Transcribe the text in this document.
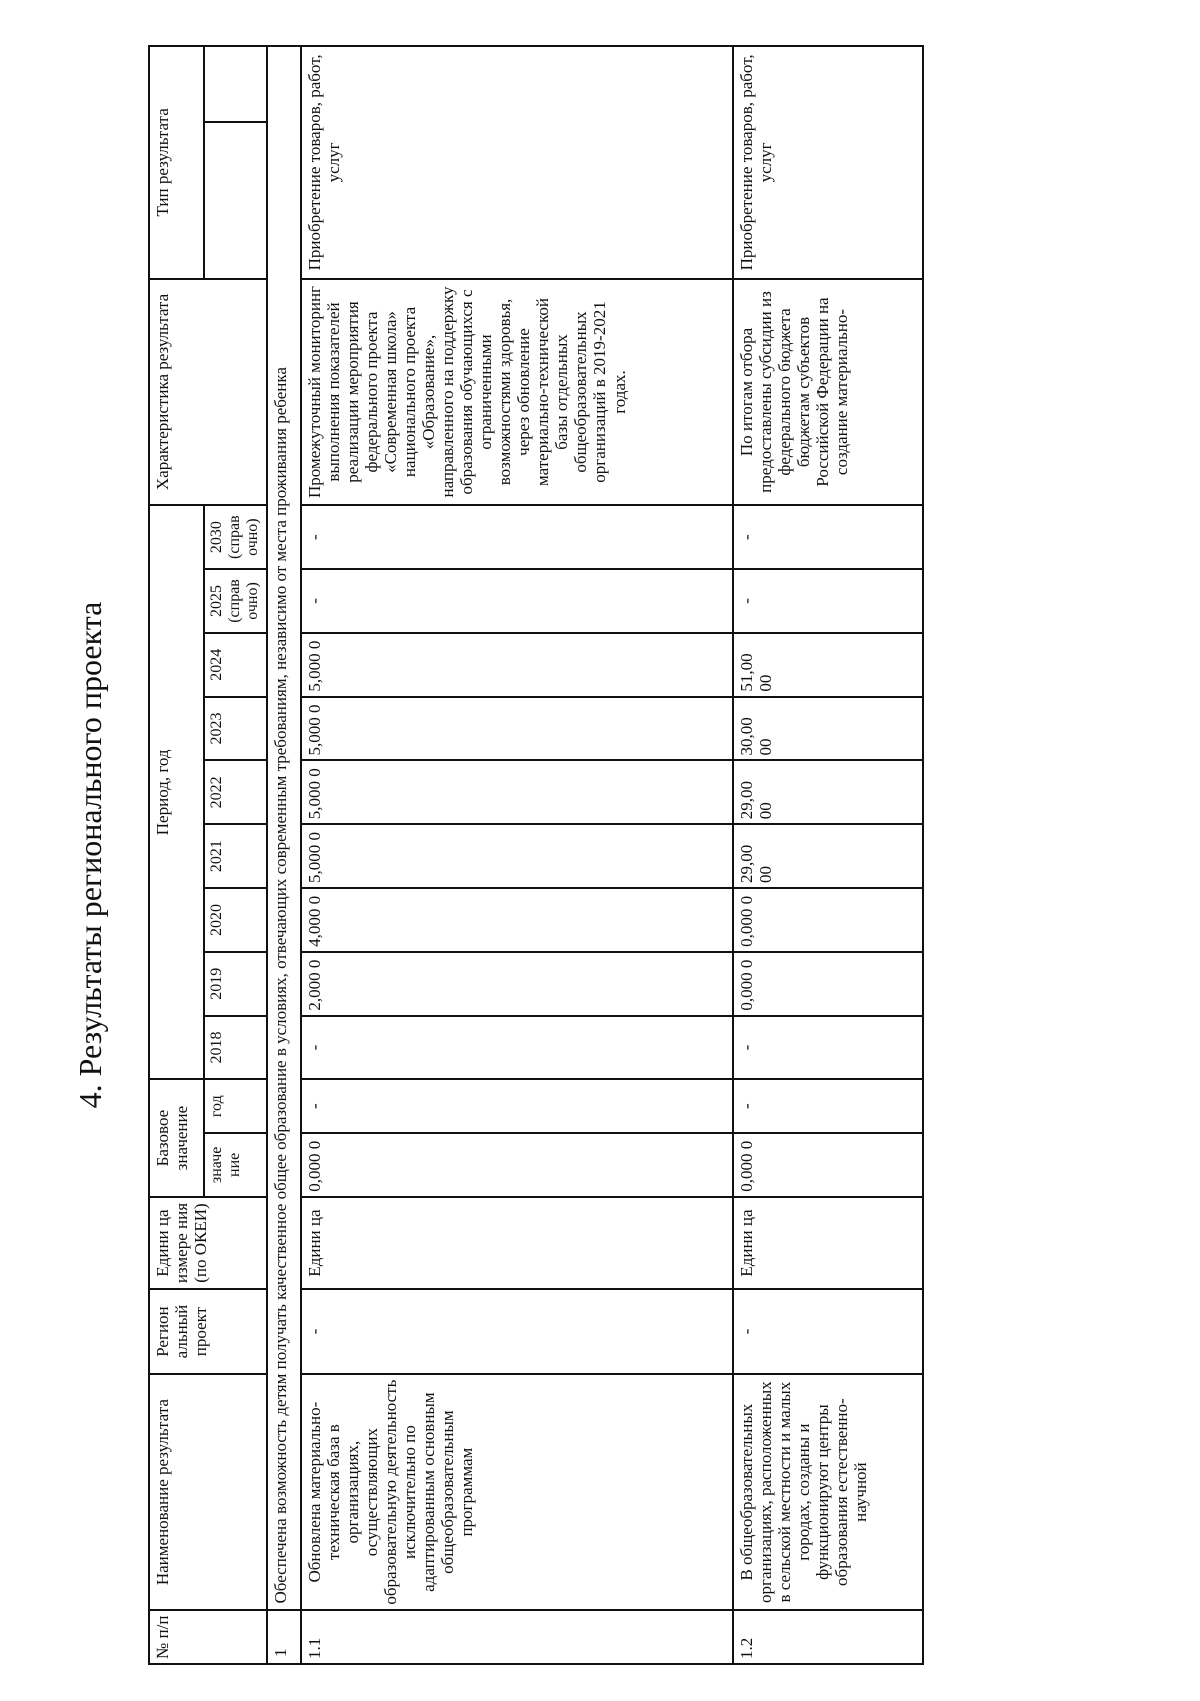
4. Результаты регионального проекта
№ п/п	Наименование результата	Регион альный проект	Едини ца измере ния (по ОКЕИ)	Базовое значение		Период, год									Характеристика результата	Тип результата	
				значе ние	год	2018	2019	2020	2021	2022	2023	2024	2025 (справ очно)	2030 (справ очно)			
1	Обеспечена возможность детям получать качественное общее образование в условиях, отвечающих современным требованиям, независимо от места проживания ребенка																
1.1	Обновлена материально-техническая база в организациях, осуществляющих образовательную деятельность исключительно по адаптированным основным общеобразовательным программам	-	Едини ца	0,000 0	-	-	2,000 0	4,000 0	5,000 0	5,000 0	5,000 0	5,000 0	-	-	Промежуточный мониторинг выполнения показателей реализации мероприятия федерального проекта «Современная школа» национального проекта «Образование», направленного на поддержку образования обучающихся с ограниченными возможностями здоровья, через обновление материально-технической базы отдельных общеобразовательных организаций в 2019-2021 годах.	Приобретение товаров, работ, услуг	
1.2	В общеобразовательных организациях, расположенных в сельской местности и малых городах, созданы и функционируют центры образования естественно-научной	-	Едини ца	0,000 0	-	-	0,000 0	0,000 0	29,00 00	29,00 00	30,00 00	51,00 00	-	-	По итогам отбора предоставлены субсидии из федерального бюджета бюджетам субъектов Российской Федерации на создание материально-	Приобретение товаров, работ, услуг	
